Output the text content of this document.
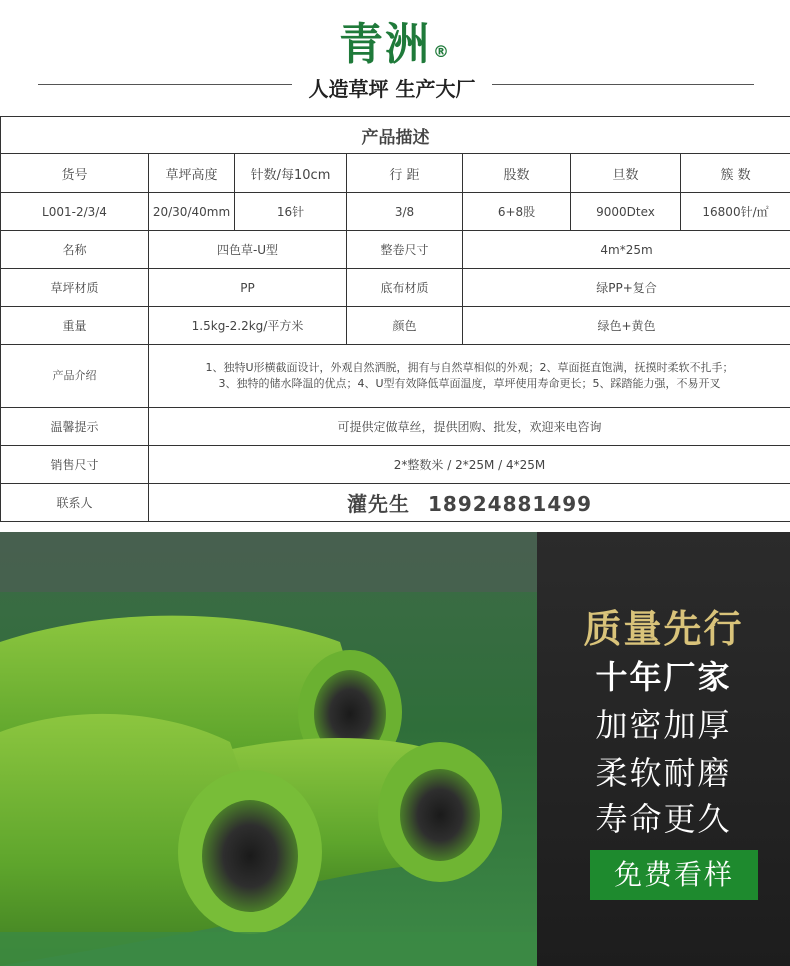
青洲 ®
人造草坪 生产大厂
产品描述						
货号	草坪高度	针数/每10cm	行 距	股数	旦数	簇 数
L001-2/3/4	20/30/40mm	16针	3/8	6+8股	9000Dtex	16800针/㎡
名称	四色草-U型		整卷尺寸	4m*25m		
草坪材质	PP		底布材质	绿PP+复合		
重量	1.5kg-2.2kg/平方米		颜色	绿色+黄色		
产品介绍	1、独特U形横截面设计，外观自然洒脱，拥有与自然草相似的外观；2、草面挺直饱满，抚摸时柔软不扎手；
3、独特的储水降温的优点；4、U型有效降低草面温度，草坪使用寿命更长；5、踩踏能力强，不易开叉					

温馨提示	可提供定做草丝，提供团购、批发，欢迎来电咨询					
销售尺寸	2*整数米 / 2*25M / 4*25M					
联系人	灌先生 18924881499					
质量先行
十年厂家
加密加厚
柔软耐磨
寿命更久
免费看样
